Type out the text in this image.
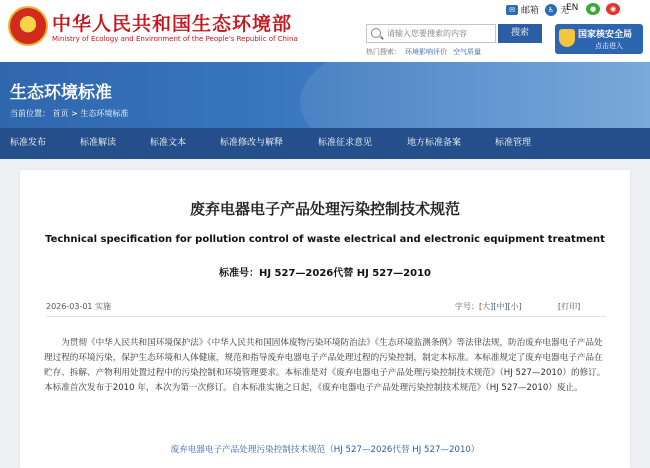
★
中华人民共和国生态环境部
Ministry of Ecology and Environment of the People's Republic of China
✉ 邮箱	♿ 无
EN	●	◉
请输入您要搜索的内容
搜索
热门搜索： 环境影响评价 空气质量
国家核安全局
点击进入
生态环境标准
当前位置： 首页 > 生态环境标准
标准发布	标准解读	标准文本	标准修改与解释	标准征求意见	地方标准备案	标准管理
废弃电器电子产品处理污染控制技术规范
Technical specification for pollution control of waste electrical and electronic equipment treatment
标准号：HJ 527—2026代替 HJ 527—2010
2026-03-01 实施	字号：[大][中][小]	[打印]

为贯彻《中华人民共和国环境保护法》《中华人民共和国固体废物污染环境防治法》《生态环境监测条例》等法律法规，防治废弃电器电子产品处理过程的环境污染，保护生态环境和人体健康，规范和指导废弃电器电子产品处理过程的污染控制，制定本标准。本标准规定了废弃电器电子产品在贮存、拆解、产物利用处置过程中的污染控制和环境管理要求。本标准是对《废弃电器电子产品处理污染控制技术规范》（HJ 527—2010）的修订。本标准首次发布于2010 年，本次为第一次修订。自本标准实施之日起，《废弃电器电子产品处理污染控制技术规范》（HJ 527—2010）废止。

废弃电器电子产品处理污染控制技术规范（HJ 527—2026代替 HJ 527—2010）
